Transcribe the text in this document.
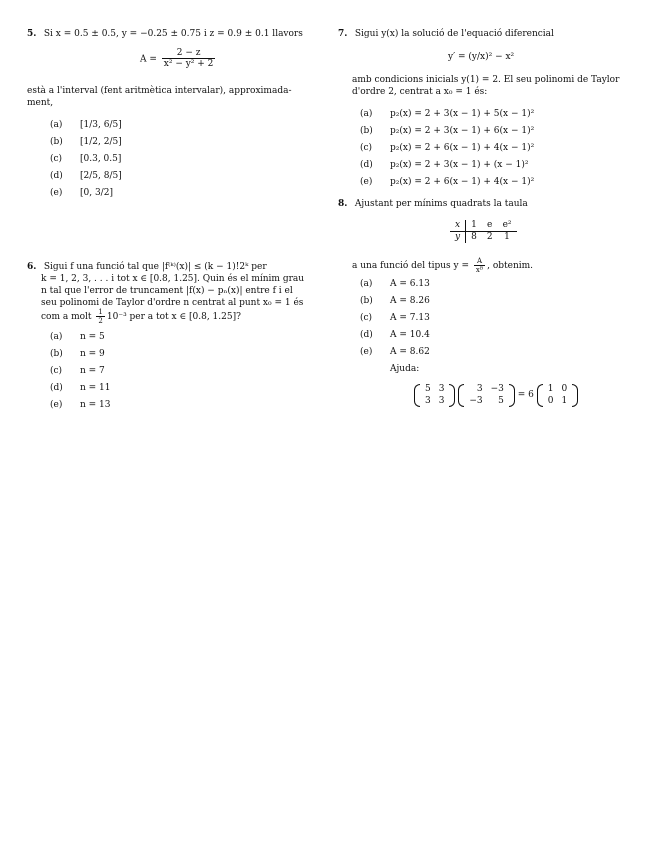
5. Si x = 0.5 ± 0.5, y = −0.25 ± 0.75 i z = 0.9 ± 0.1 llavors
$A = \frac{2 - z}{\text{x² − y² + 2}}$
està a l'interval (fent aritmètica intervalar), approximada-
ment,
(a) [1/3, 6/5]
(b) [1/2, 2/5]
(c) [0.3, 0.5]
(d) [2/5, 8/5]
(e) [0, 3/2]
6. Sigui f una funció tal que |f⁽ᵏ⁾(x)| ≤ (k − 1)!2ᵏ per
k = 1, 2, 3, . . . i tot x ∈ [0.8, 1.25]. Quin és el mínim grau
n tal que l'error de truncament |f(x) − pₙ(x)| entre f i el
seu polinomi de Taylor d'ordre n centrat al punt x₀ = 1 és
com a molt $\frac{1}{2} 10^{-3}$ per a tot x ∈ [0.8, 1.25]?
(a) n = 5
(b) n = 9
(c) n = 7
(d) n = 11
(e) n = 13
7. Sigui y(x) la solució de l'equació diferencial
y′ = (y/x)² − x²
amb condicions inicials y(1) = 2. El seu polinomi de Taylor
d'ordre 2, centrat a x₀ = 1 és:
(a) p₂(x) = 2 + 3(x − 1) + 5(x − 1)²
(b) p₂(x) = 2 + 3(x − 1) + 6(x − 1)²
(c) p₂(x) = 2 + 6(x − 1) + 4(x − 1)²
(d) p₂(x) = 2 + 3(x − 1) + (x − 1)²
(e) p₂(x) = 2 + 6(x − 1) + 4(x − 1)²
8. Ajustant per mínims quadrats la taula
x	1	e	e²
y	8	2	1
a una funció del tipus $y = \frac{A}{\text{xᴮ}}$ , obtenim.
(a) A = 6.13
(b) A = 8.26
(c) A = 7.13
(d) A = 10.4
(e) A = 8.62
Ajuda:
5	3
3	3

3	−3
−3	5
= 6
1	0
0	1
